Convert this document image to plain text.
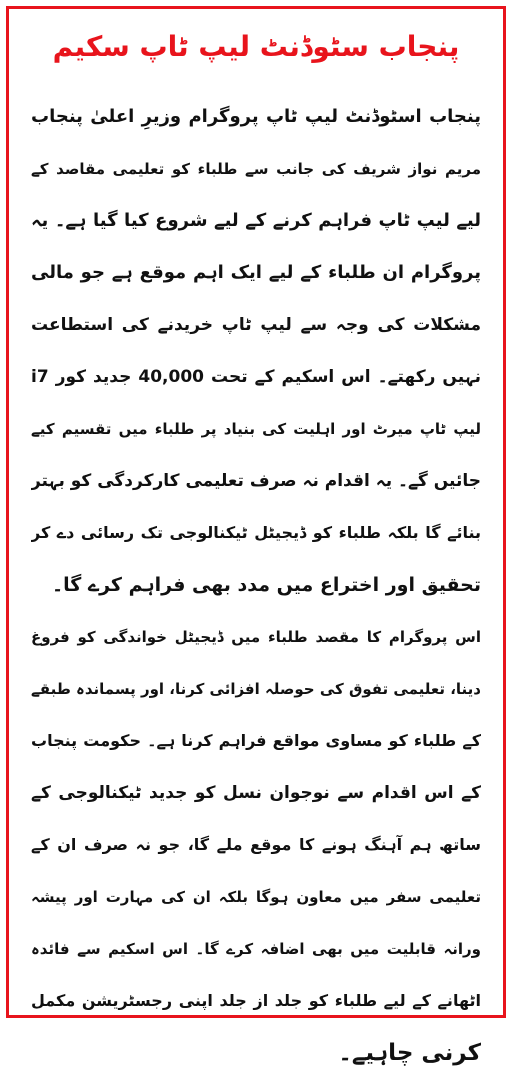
پنجاب سٹوڈنٹ لیپ ٹاپ سکیم
پنجاب اسٹوڈنٹ لیپ ٹاپ پروگرام وزیرِ اعلیٰ پنجاب
مریم نواز شریف کی جانب سے طلباء کو تعلیمی مقاصد کے
لیے لیپ ٹاپ فراہم کرنے کے لیے شروع کیا گیا ہے۔ یہ
پروگرام ان طلباء کے لیے ایک اہم موقع ہے جو مالی
مشکلات کی وجہ سے لیپ ٹاپ خریدنے کی استطاعت
نہیں رکھتے۔ اس اسکیم کے تحت 40,000 جدید کور i7
لیپ ٹاپ میرٹ اور اہلیت کی بنیاد پر طلباء میں تقسیم کیے
جائیں گے۔ یہ اقدام نہ صرف تعلیمی کارکردگی کو بہتر
بنائے گا بلکہ طلباء کو ڈیجیٹل ٹیکنالوجی تک رسائی دے کر
تحقیق اور اختراع میں مدد بھی فراہم کرے گا۔
اس پروگرام کا مقصد طلباء میں ڈیجیٹل خواندگی کو فروغ
دینا، تعلیمی تفوق کی حوصلہ افزائی کرنا، اور پسماندہ طبقے
کے طلباء کو مساوی مواقع فراہم کرنا ہے۔ حکومت پنجاب
کے اس اقدام سے نوجوان نسل کو جدید ٹیکنالوجی کے
ساتھ ہم آہنگ ہونے کا موقع ملے گا، جو نہ صرف ان کے
تعلیمی سفر میں معاون ہوگا بلکہ ان کی مہارت اور پیشہ
ورانہ قابلیت میں بھی اضافہ کرے گا۔ اس اسکیم سے فائدہ
اٹھانے کے لیے طلباء کو جلد از جلد اپنی رجسٹریشن مکمل
کرنی چاہیے۔
